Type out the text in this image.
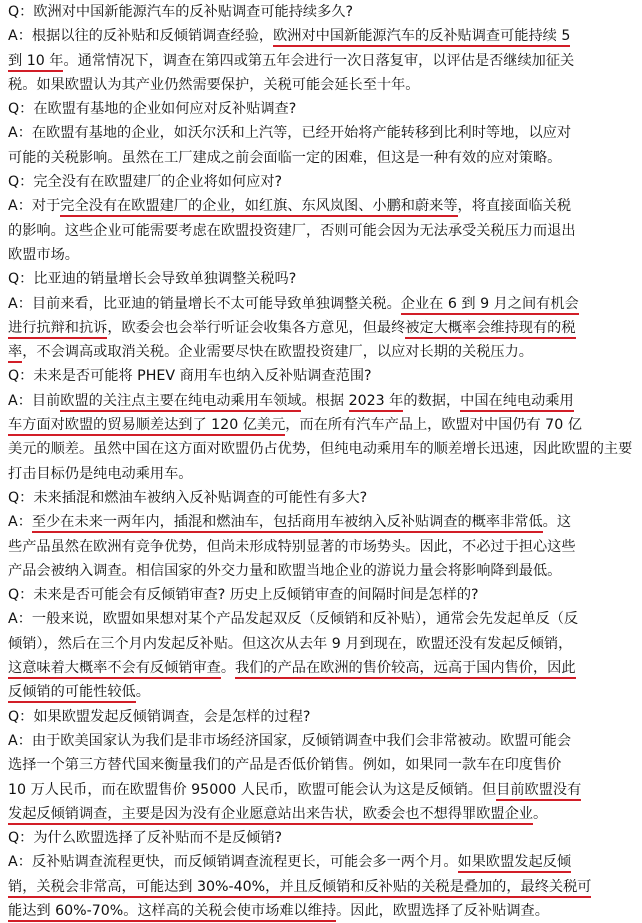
Q：欧洲对中国新能源汽车的反补贴调查可能持续多久?
A：根据以往的反补贴和反倾销调查经验，欧洲对中国新能源汽车的反补贴调查可能持续 5
到 10 年。通常情况下，调查在第四或第五年会进行一次日落复审，以评估是否继续加征关
税。如果欧盟认为其产业仍然需要保护，关税可能会延长至十年。
Q：在欧盟有基地的企业如何应对反补贴调查?
A：在欧盟有基地的企业，如沃尔沃和上汽等，已经开始将产能转移到比利时等地，以应对
可能的关税影响。虽然在工厂建成之前会面临一定的困难，但这是一种有效的应对策略。
Q：完全没有在欧盟建厂的企业将如何应对?
A：对于完全没有在欧盟建厂的企业，如红旗、东风岚图、小鹏和蔚来等，将直接面临关税
的影响。这些企业可能需要考虑在欧盟投资建厂，否则可能会因为无法承受关税压力而退出
欧盟市场。
Q：比亚迪的销量增长会导致单独调整关税吗?
A：目前来看，比亚迪的销量增长不太可能导致单独调整关税。企业在 6 到 9 月之间有机会
进行抗辩和抗诉，欧委会也会举行听证会收集各方意见，但最终被定大概率会维持现有的税
率，不会调高或取消关税。企业需要尽快在欧盟投资建厂，以应对长期的关税压力。
Q：未来是否可能将 PHEV 商用车也纳入反补贴调查范围?
A：目前欧盟的关注点主要在纯电动乘用车领域。根据 2023 年的数据，中国在纯电动乘用
车方面对欧盟的贸易顺差达到了 120 亿美元，而在所有汽车产品上，欧盟对中国仍有 70 亿
美元的顺差。虽然中国在这方面对欧盟仍占优势，但纯电动乘用车的顺差增长迅速，因此欧盟的主要
打击目标仍是纯电动乘用车。
Q：未来插混和燃油车被纳入反补贴调查的可能性有多大?
A：至少在未来一两年内，插混和燃油车，包括商用车被纳入反补贴调查的概率非常低。这
些产品虽然在欧洲有竞争优势，但尚未形成特别显著的市场势头。因此，不必过于担心这些
产品会被纳入调查。相信国家的外交力量和欧盟当地企业的游说力量会将影响降到最低。
Q：未来是否可能会有反倾销审查? 历史上反倾销审查的间隔时间是怎样的?
A：一般来说，欧盟如果想对某个产品发起双反（反倾销和反补贴），通常会先发起单反（反
倾销），然后在三个月内发起反补贴。但这次从去年 9 月到现在，欧盟还没有发起反倾销，
这意味着大概率不会有反倾销审查。我们的产品在欧洲的售价较高，远高于国内售价，因此
反倾销的可能性较低。
Q：如果欧盟发起反倾销调查，会是怎样的过程?
A：由于欧美国家认为我们是非市场经济国家，反倾销调查中我们会非常被动。欧盟可能会
选择一个第三方替代国来衡量我们的产品是否低价销售。例如，如果同一款车在印度售价
10 万人民币，而在欧盟售价 95000 人民币，欧盟可能会认为这是反倾销。但目前欧盟没有
发起反倾销调查，主要是因为没有企业愿意站出来告状，欧委会也不想得罪欧盟企业。
Q：为什么欧盟选择了反补贴而不是反倾销?
A：反补贴调查流程更快，而反倾销调查流程更长，可能会多一两个月。如果欧盟发起反倾
销，关税会非常高，可能达到 30%-40%，并且反倾销和反补贴的关税是叠加的，最终关税可
能达到 60%-70%。这样高的关税会使市场难以维持。因此，欧盟选择了反补贴调查。
